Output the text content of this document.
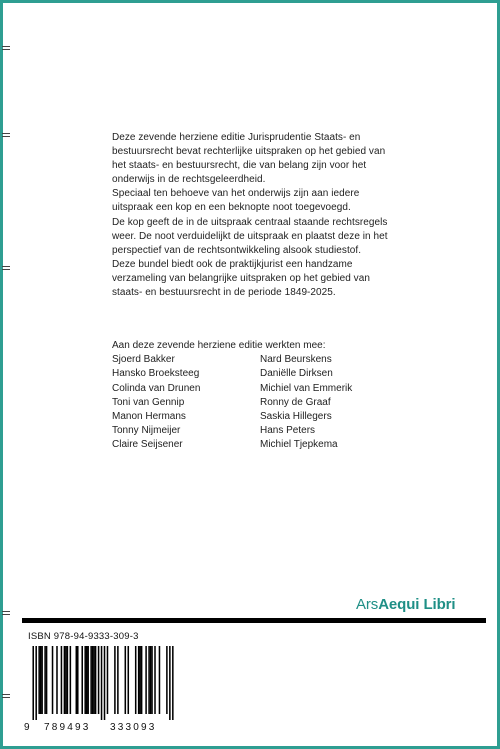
Deze zevende herziene editie Jurisprudentie Staats- en

bestuursrecht bevat rechterlijke uitspraken op het gebied van

het staats- en bestuursrecht, die van belang zijn voor het

onderwijs in de rechtsgeleerdheid.

Speciaal ten behoeve van het onderwijs zijn aan iedere

uitspraak een kop en een beknopte noot toegevoegd.

De kop geeft de in de uitspraak centraal staande rechtsregels

weer. De noot verduidelijkt de uitspraak en plaatst deze in het

perspectief van de rechtsontwikkeling alsook studiestof.

Deze bundel biedt ook de praktijkjurist een handzame

verzameling van belangrijke uitspraken op het gebied van

staats- en bestuursrecht in de periode 1849-2025.

Aan deze zevende herziene editie werkten mee:

Sjoerd Bakker	Nard Beurskens
Hansko Broeksteeg	Daniëlle Dirksen
Colinda van Drunen	Michiel van Emmerik
Toni van Gennip	Ronny de Graaf
Manon Hermans	Saskia Hillegers
Tonny Nijmeijer	Hans Peters
Claire Seijsener	Michiel Tjepkema
ArsAequi Libri
ISBN 978-94-9333-309-3
9 789493 333093
